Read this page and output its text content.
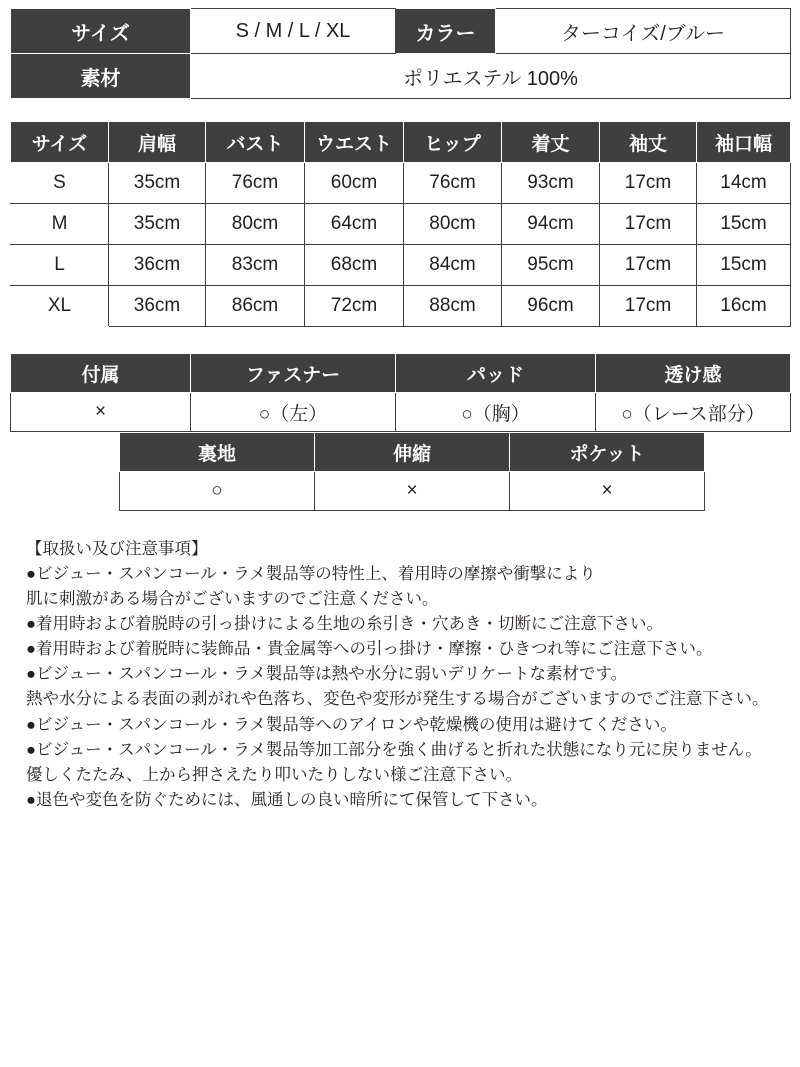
サイズ	S / M / L / XL	カラー	ターコイズ/ブルー
素材	ポリエステル 100%		
サイズ	肩幅	バスト	ウエスト	ヒップ	着丈	袖丈	袖口幅
S	35cm	76cm	60cm	76cm	93cm	17cm	14cm
M	35cm	80cm	64cm	80cm	94cm	17cm	15cm
L	36cm	83cm	68cm	84cm	95cm	17cm	15cm
XL	36cm	86cm	72cm	88cm	96cm	17cm	16cm
付属	ファスナー	パッド	透け感
×	○（左）	○（胸）	○（レース部分）
裏地	伸縮	ポケット
○	×	×

【取扱い及び注意事項】

●ビジュー・スパンコール・ラメ製品等の特性上、着用時の摩擦や衝撃により

肌に刺激がある場合がございますのでご注意ください。

●着用時および着脱時の引っ掛けによる生地の糸引き・穴あき・切断にご注意下さい。

●着用時および着脱時に装飾品・貴金属等への引っ掛け・摩擦・ひきつれ等にご注意下さい。

●ビジュー・スパンコール・ラメ製品等は熱や水分に弱いデリケートな素材です。

熱や水分による表面の剥がれや色落ち、変色や変形が発生する場合がございますのでご注意下さい。

●ビジュー・スパンコール・ラメ製品等へのアイロンや乾燥機の使用は避けてください。

●ビジュー・スパンコール・ラメ製品等加工部分を強く曲げると折れた状態になり元に戻りません。

優しくたたみ、上から押さえたり叩いたりしない様ご注意下さい。

●退色や変色を防ぐためには、風通しの良い暗所にて保管して下さい。
